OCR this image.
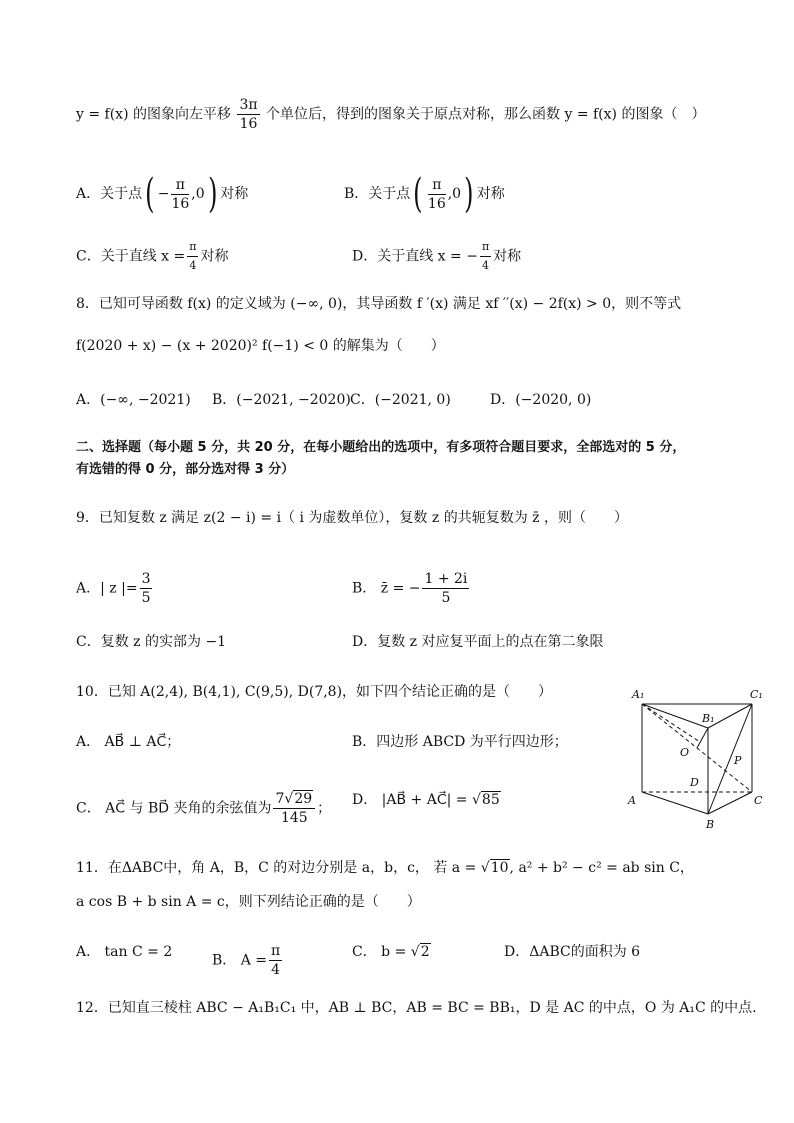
y = f(x) 的图象向左平移 $\frac{3\pi}{16}$ 个单位后，得到的图象关于原点对称，那么函数 y = f(x) 的图象（　）
A．关于点( − $\frac{\pi}{16} ,0$) 对称	B．关于点( $\frac{\pi}{16} ,0$) 对称
C．关于直线 $x = \frac{\pi}{4}$ 对称	D．关于直线 x = − $\frac{\pi}{4}$ 对称
8．已知可导函数 f(x) 的定义域为 (−∞, 0)，其导函数 f ′(x) 满足 xf ′′(x) − 2f(x) > 0，则不等式
f(2020 + x) − (x + 2020)² f(−1) < 0 的解集为（　　）
A．(−∞, −2021) B．(−2021, −2020) C．(−2021, 0)	D．(−2020, 0)
二、选择题（每小题 5 分，共 20 分，在每小题给出的选项中，有多项符合题目要求，全部选对的 5 分，
有选错的得 0 分，部分选对得 3 分）
9．已知复数 z 满足 z(2 − i) = i（ i 为虚数单位），复数 z 的共轭复数为 z̄ ，则（　　）
A．| z |= $\frac{3}{5}$	B． z̄ = − $\frac{1 + 2i}{5}$
C．复数 z 的实部为 −1	D．复数 z 对应复平面上的点在第二象限
10．已知 A(2,4), B(4,1), C(9,5), D(7,8)，如下四个结论正确的是（　　）
A． AB⃗ ⊥ AC⃗；	B．四边形 ABCD 为平行四边形；
C． AC⃗ 与 BD⃗ 夹角的余弦值为 $\frac{7√29}{145}$ ；
D． |AB⃗ + AC⃗| = √85
A₁	C₁
B₁
O
P
D
A	C
B
11．在ΔABC中，角 A，B，C 的对边分别是 a，b，c， 若 a = √10, a² + b² − c² = ab sin C，
a cos B + b sin A = c，则下列结论正确的是（　　）
A． tan C = 2
B． $A = \frac{\pi}{4}$	C． b = √2	D．ΔABC的面积为 6
12．已知直三棱柱 ABC − A₁B₁C₁ 中，AB ⊥ BC，AB = BC = BB₁，D 是 AC 的中点，O 为 A₁C 的中点.
